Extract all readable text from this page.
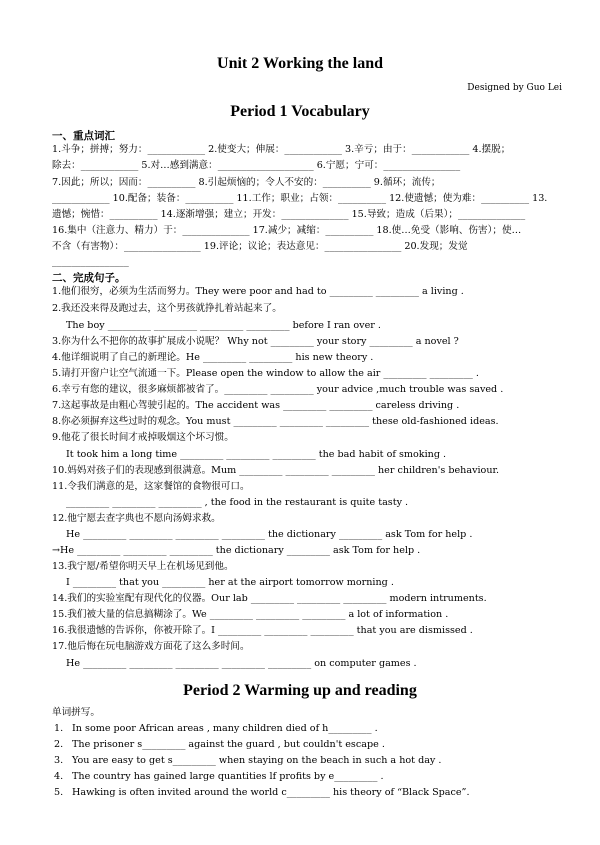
Unit 2 Working the land
Designed by Guo Lei
Period 1 Vocabulary
一、重点词汇
1.斗争；拼搏；努力：____________ 2.使变大；伸展：____________ 3.辛亏；由于：____________ 4.摆脱；
除去：____________ 5.对…感到满意：____________________ 6.宁愿；宁可：________________
7.因此；所以；因而：__________ 8.引起烦恼的；令人不安的：__________ 9.循环；流传；
____________ 10.配备；装备：__________ 11.工作；职业；占领：__________ 12.使遗憾；使为难：__________ 13.
遗憾；惋惜：__________ 14.逐渐增强；建立；开发：______________ 15.导致；造成（后果）；______________
16.集中（注意力、精力）于：______________ 17.减少；减缩：__________ 18.使…免受（影响、伤害）；使…
不含（有害物）：________________ 19.评论；议论；表达意见：________________ 20.发现；发觉
________________
二、完成句子。
1.他们很穷，必须为生活而努力。They were poor and had to _________ _________ a living .
2.我还没来得及跑过去，这个男孩就挣扎着站起来了。
The boy _________ _________ _________ _________ before I ran over .
3.你为什么不把你的故事扩展成小说呢？ Why not _________ your story _________ a novel ?
4.他详细说明了自己的新理论。He _________ _________ his new theory .
5.请打开窗户让空气流通一下。Please open the window to allow the air _________ _________ .
6.幸亏有您的建议，很多麻烦都被省了。_________ _________ your advice ,much trouble was saved .
7.这起事故是由粗心驾驶引起的。The accident was _________ _________ careless driving .
8.你必须摒弃这些过时的观念。You must _________ _________ _________ these old-fashioned ideas.
9.他花了很长时间才戒掉吸烟这个坏习惯。
It took him a long time _________ _________ _________ the bad habit of smoking .
10.妈妈对孩子们的表现感到很满意。Mum _________ _________ _________ her children's behaviour.
11.令我们满意的是，这家餐馆的食物很可口。
_________ _________ _________ , the food in the restaurant is quite tasty .
12.他宁愿去查字典也不愿向汤姆求救。
He _________ _________ _________ _________ the dictionary _________ ask Tom for help .
→He _________ _________ _________ the dictionary _________ ask Tom for help .
13.我宁愿/希望你明天早上在机场见到他。
I _________ that you _________ her at the airport tomorrow morning .
14.我们的实验室配有现代化的仪器。Our lab _________ _________ _________ modern intruments.
15.我们被大量的信息搞糊涂了。We _________ _________ _________ a lot of information .
16.我很遗憾的告诉你，你被开除了。I _________ _________ _________ that you are dismissed .
17.他后悔在玩电脑游戏方面花了这么多时间。
He _________ _________ _________ _________ _________ on computer games .
Period 2 Warming up and reading
单词拼写。
1. In some poor African areas , many children died of h_________ .
2. The prisoner s_________ against the guard , but couldn't escape .
3. You are easy to get s_________ when staying on the beach in such a hot day .
4. The country has gained large quantities lf profits by e_________ .
5. Hawking is often invited around the world c_________ his theory of “Black Space”.
